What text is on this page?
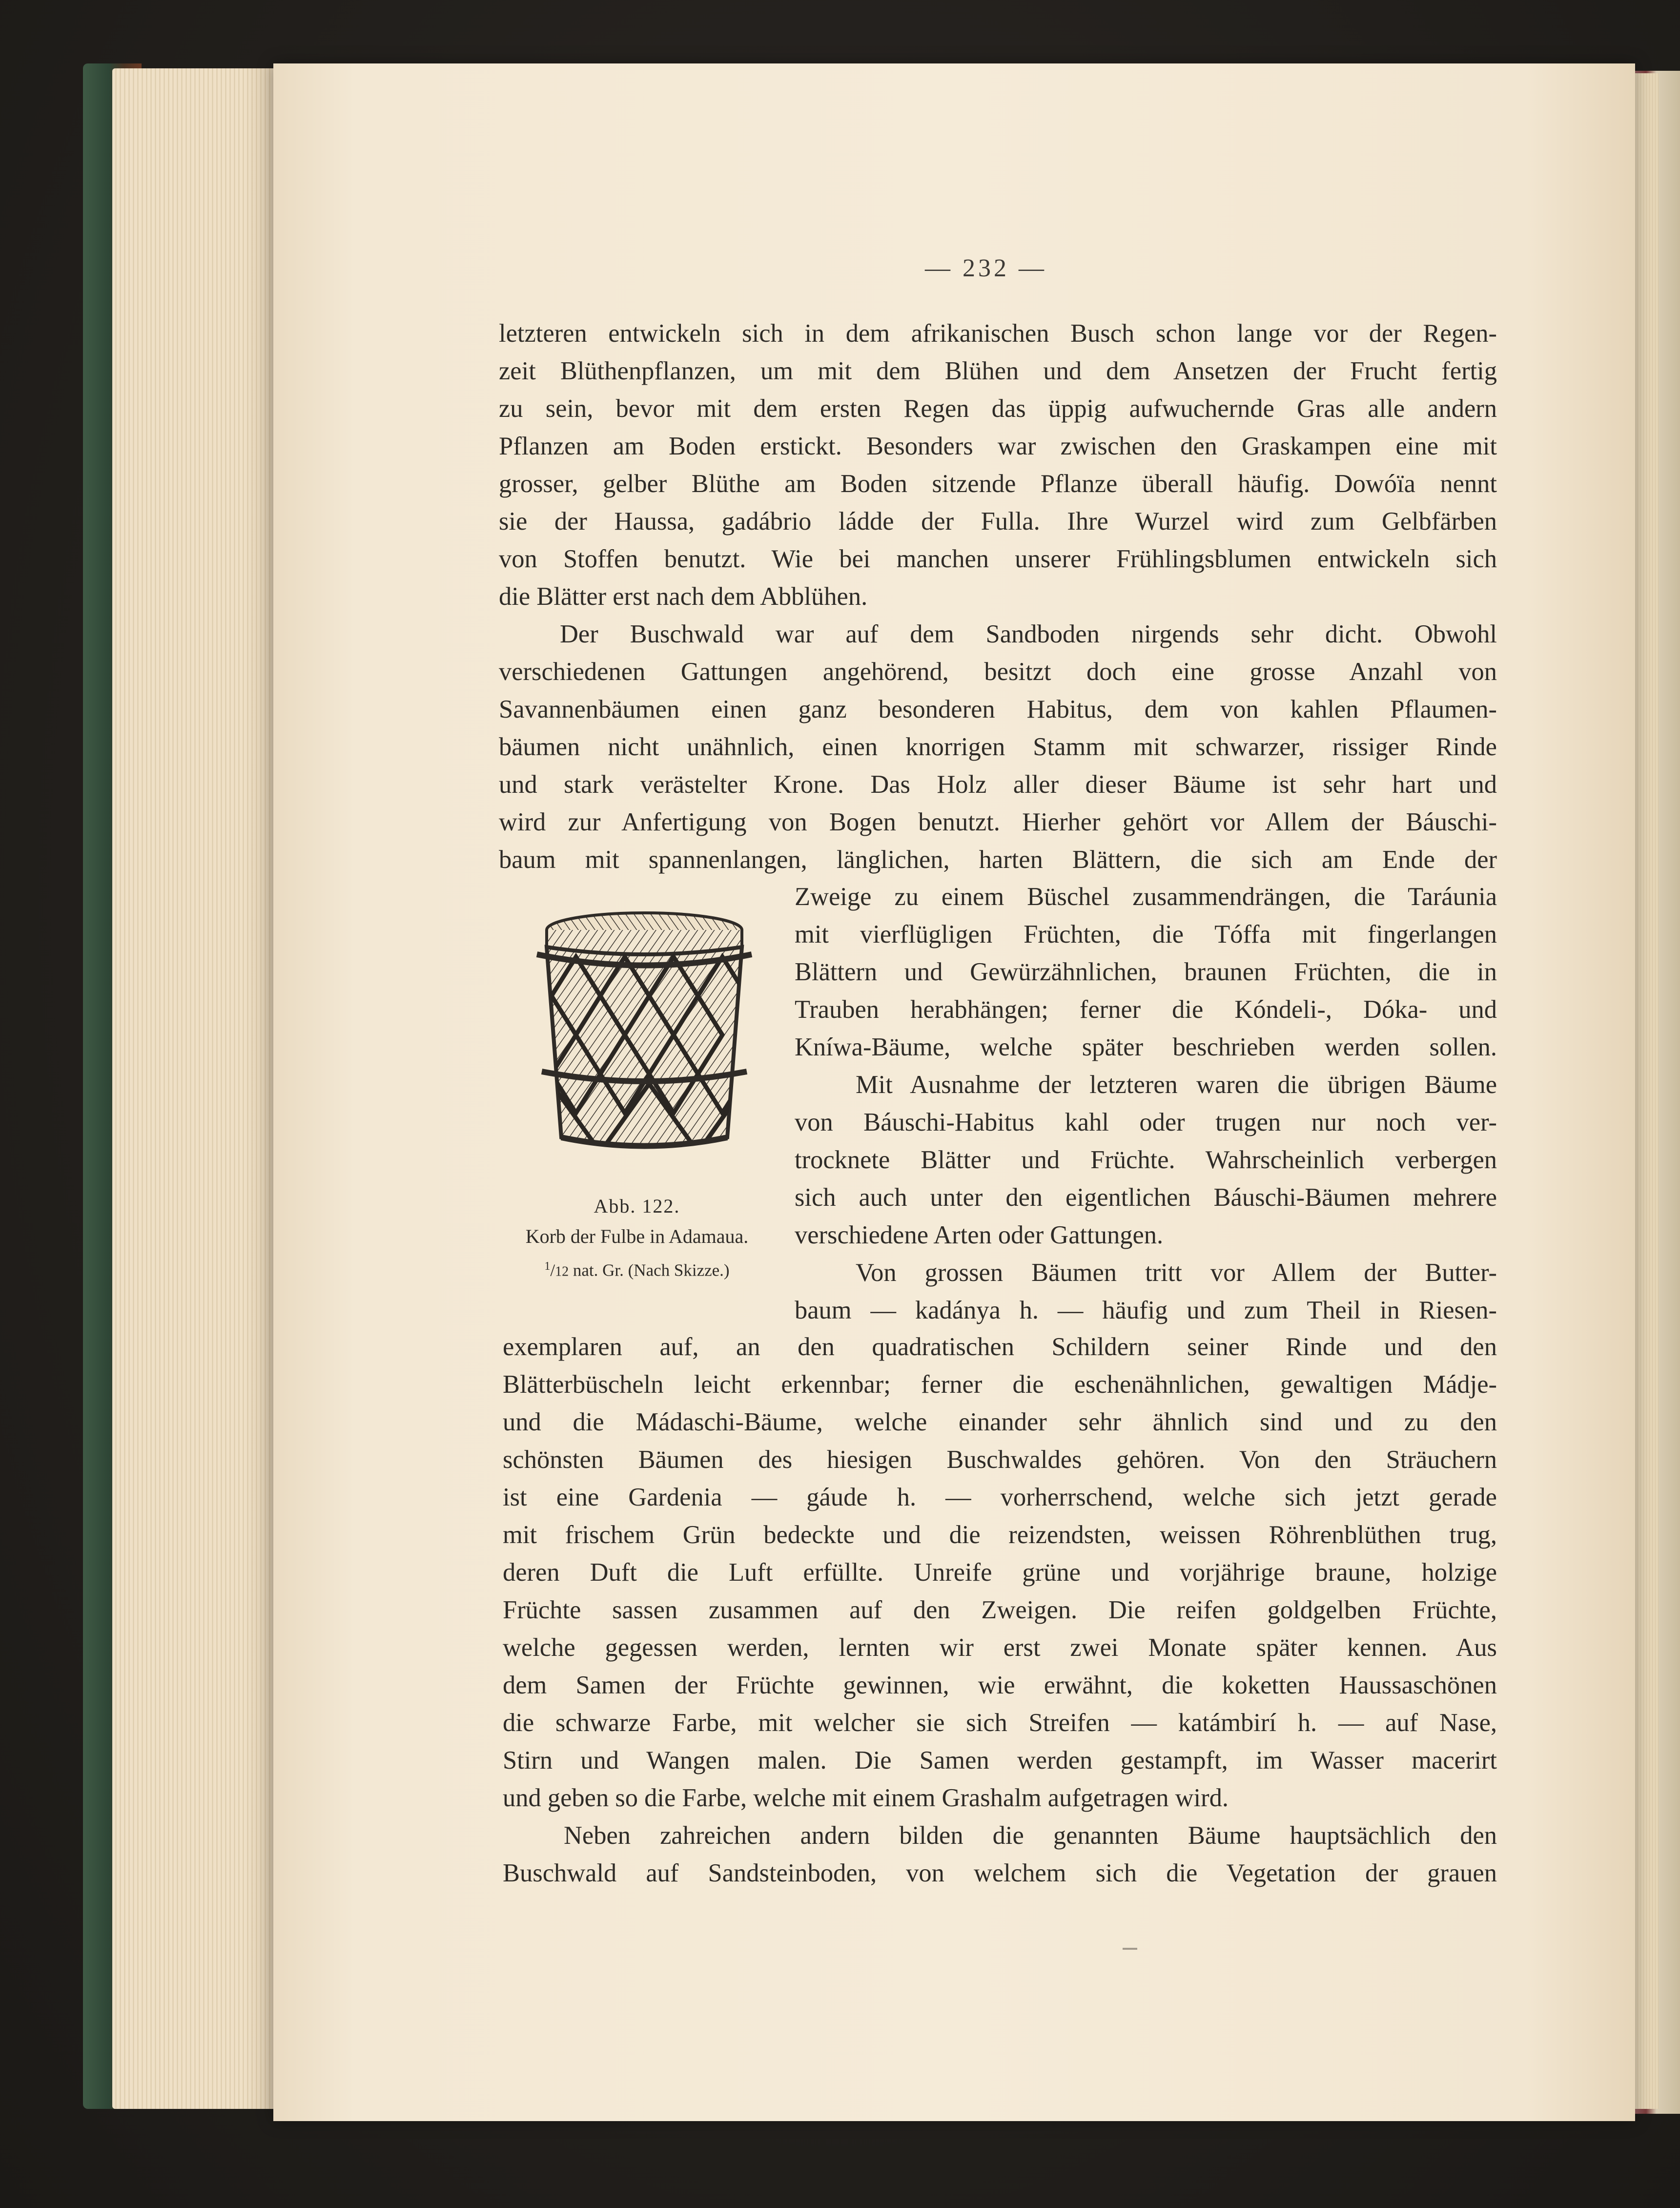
— 232 —
letzteren entwickeln sich in dem afrikanischen Busch schon lange vor der Regen-
zeit Blüthenpflanzen, um mit dem Blühen und dem Ansetzen der Frucht fertig
zu sein, bevor mit dem ersten Regen das üppig aufwuchernde Gras alle andern
Pflanzen am Boden erstickt. Besonders war zwischen den Graskampen eine mit
grosser, gelber Blüthe am Boden sitzende Pflanze überall häufig. Dowóïa nennt
sie der Haussa, gadábrio ládde der Fulla. Ihre Wurzel wird zum Gelbfärben
von Stoffen benutzt. Wie bei manchen unserer Frühlingsblumen entwickeln sich
die Blätter erst nach dem Abblühen.
Der Buschwald war auf dem Sandboden nirgends sehr dicht. Obwohl
verschiedenen Gattungen angehörend, besitzt doch eine grosse Anzahl von
Savannenbäumen einen ganz besonderen Habitus, dem von kahlen Pflaumen-
bäumen nicht unähnlich, einen knorrigen Stamm mit schwarzer, rissiger Rinde
und stark verästelter Krone. Das Holz aller dieser Bäume ist sehr hart und
wird zur Anfertigung von Bogen benutzt. Hierher gehört vor Allem der Báuschi-
baum mit spannenlangen, länglichen, harten Blättern, die sich am Ende der
Abb. 122.
Korb der Fulbe in Adamaua.
$^1$/12 nat. Gr. (Nach Skizze.)
Zweige zu einem Büschel zusammendrängen, die Taráunia
mit vierflügligen Früchten, die Tóffa mit fingerlangen
Blättern und Gewürzähnlichen, braunen Früchten, die in
Trauben herabhängen; ferner die Kóndeli-, Dóka- und
Kníwa-Bäume, welche später beschrieben werden sollen.
Mit Ausnahme der letzteren waren die übrigen Bäume
von Báuschi-Habitus kahl oder trugen nur noch ver-
trocknete Blätter und Früchte. Wahrscheinlich verbergen
sich auch unter den eigentlichen Báuschi-Bäumen mehrere
verschiedene Arten oder Gattungen.
Von grossen Bäumen tritt vor Allem der Butter-
baum — kadánya h. — häufig und zum Theil in Riesen-
exemplaren auf, an den quadratischen Schildern seiner Rinde und den
Blätterbüscheln leicht erkennbar; ferner die eschenähnlichen, gewaltigen Mádje-
und die Mádaschi-Bäume, welche einander sehr ähnlich sind und zu den
schönsten Bäumen des hiesigen Buschwaldes gehören. Von den Sträuchern
ist eine Gardenia — gáude h. — vorherrschend, welche sich jetzt gerade
mit frischem Grün bedeckte und die reizendsten, weissen Röhrenblüthen trug,
deren Duft die Luft erfüllte. Unreife grüne und vorjährige braune, holzige
Früchte sassen zusammen auf den Zweigen. Die reifen goldgelben Früchte,
welche gegessen werden, lernten wir erst zwei Monate später kennen. Aus
dem Samen der Früchte gewinnen, wie erwähnt, die koketten Haussaschönen
die schwarze Farbe, mit welcher sie sich Streifen — katámbirí h. — auf Nase,
Stirn und Wangen malen. Die Samen werden gestampft, im Wasser macerirt
und geben so die Farbe, welche mit einem Grashalm aufgetragen wird.
Neben zahreichen andern bilden die genannten Bäume hauptsächlich den
Buschwald auf Sandsteinboden, von welchem sich die Vegetation der grauen
